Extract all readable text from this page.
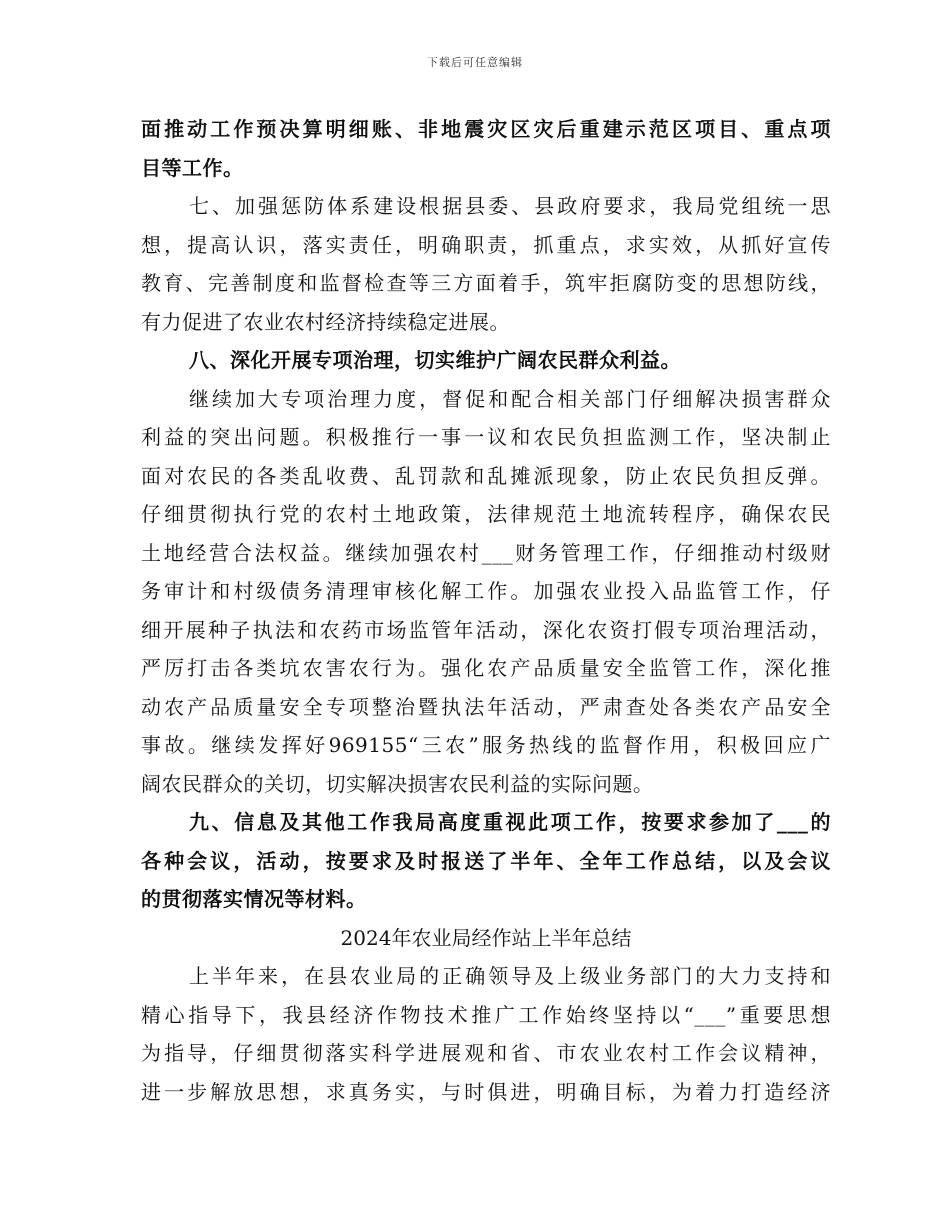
下载后可任意编辑
面推动工作预决算明细账、非地震灾区灾后重建示范区项目、重点项
目等工作。
七、加强惩防体系建设根据县委、县政府要求，我局党组统一思
想，提高认识，落实责任，明确职责，抓重点，求实效，从抓好宣传
教育、完善制度和监督检查等三方面着手，筑牢拒腐防变的思想防线，
有力促进了农业农村经济持续稳定进展。
八、深化开展专项治理，切实维护广阔农民群众利益。
继续加大专项治理力度，督促和配合相关部门仔细解决损害群众
利益的突出问题。积极推行一事一议和农民负担监测工作，坚决制止
面对农民的各类乱收费、乱罚款和乱摊派现象，防止农民负担反弹。
仔细贯彻执行党的农村土地政策，法律规范土地流转程序，确保农民
土地经营合法权益。继续加强农村___财务管理工作，仔细推动村级财
务审计和村级债务清理审核化解工作。加强农业投入品监管工作，仔
细开展种子执法和农药市场监管年活动，深化农资打假专项治理活动，
严厉打击各类坑农害农行为。强化农产品质量安全监管工作，深化推
动农产品质量安全专项整治暨执法年活动，严肃查处各类农产品安全
事故。继续发挥好969155“三农”服务热线的监督作用，积极回应广
阔农民群众的关切，切实解决损害农民利益的实际问题。
九、信息及其他工作我局高度重视此项工作，按要求参加了___的
各种会议，活动，按要求及时报送了半年、全年工作总结，以及会议
的贯彻落实情况等材料。
2024年农业局经作站上半年总结
上半年来，在县农业局的正确领导及上级业务部门的大力支持和
精心指导下，我县经济作物技术推广工作始终坚持以“___”重要思想
为指导，仔细贯彻落实科学进展观和省、市农业农村工作会议精神，
进一步解放思想，求真务实，与时俱进，明确目标，为着力打造经济
